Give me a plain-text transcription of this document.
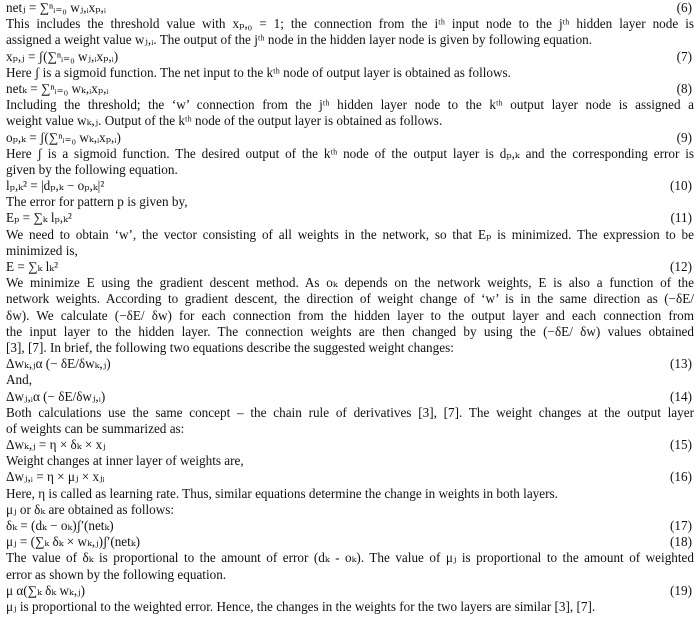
netⱼ = ∑ⁿᵢ₌₀ wⱼ,ᵢxₚ,ᵢ	(6)
This includes the threshold value with xₚ,₀ = 1; the connection from the iᵗʰ input node to the jᵗʰ hidden layer node is
assigned a weight value wⱼ,ᵢ. The output of the jᵗʰ node in the hidden layer node is given by following equation.
xₚ,ⱼ = ʃ(∑ⁿᵢ₌₀ wⱼ,ᵢxₚ,ᵢ)	(7)
Here ʃ is a sigmoid function. The net input to the kᵗʰ node of output layer is obtained as follows.
netₖ = ∑ⁿᵢ₌₀ wₖ,ᵢxₚ,ᵢ	(8)
Including the threshold; the ‘w’ connection from the jᵗʰ hidden layer node to the kᵗʰ output layer node is assigned a
weight value wₖ,ⱼ. Output of the kᵗʰ node of the output layer is obtained as follows.
oₚ,ₖ = ʃ(∑ⁿᵢ₌₀ wₖ,ᵢxₚ,ᵢ)	(9)
Here ʃ is a sigmoid function. The desired output of the kᵗʰ node of the output layer is dₚ,ₖ and the corresponding error is
given by the following equation.
lₚ,ₖ² = |dₚ,ₖ − oₚ,ₖ|²	(10)
The error for pattern p is given by,
Eₚ = ∑ₖ lₚ,ₖ²	(11)
We need to obtain ‘w’, the vector consisting of all weights in the network, so that Eₚ is minimized. The expression to be
minimized is,
E = ∑ₖ lₖ²	(12)
We minimize E using the gradient descent method. As oₖ depends on the network weights, E is also a function of the
network weights. According to gradient descent, the direction of weight change of ‘w’ is in the same direction as (−δE/
δw). We calculate (−δE/ δw) for each connection from the hidden layer to the output layer and each connection from
the input layer to the hidden layer. The connection weights are then changed by using the (−δE/ δw) values obtained
[3], [7]. In brief, the following two equations describe the suggested weight changes:
Δwₖ,ⱼα (− δE/δwₖ,ⱼ)	(13)
And,
Δwⱼ,ᵢα (− δE/δwⱼ,ᵢ)	(14)
Both calculations use the same concept – the chain rule of derivatives [3], [7]. The weight changes at the output layer
of weights can be summarized as:
Δwₖ,ⱼ = η × δₖ × xⱼ	(15)
Weight changes at inner layer of weights are,
Δwⱼ,ᵢ = η × μⱼ × xⱼᵢ	(16)
Here, η is called as learning rate. Thus, similar equations determine the change in weights in both layers.
μⱼ or δₖ are obtained as follows:
δₖ = (dₖ − oₖ)ʃ′(netₖ)	(17)
μⱼ = (∑ₖ δₖ × wₖ,ⱼ)ʃ′(netₖ)	(18)
The value of δₖ is proportional to the amount of error (dₖ - oₖ). The value of μⱼ is proportional to the amount of weighted
error as shown by the following equation.
μ α(∑ₖ δₖ wₖ,ⱼ)	(19)
μⱼ is proportional to the weighted error. Hence, the changes in the weights for the two layers are similar [3], [7].
